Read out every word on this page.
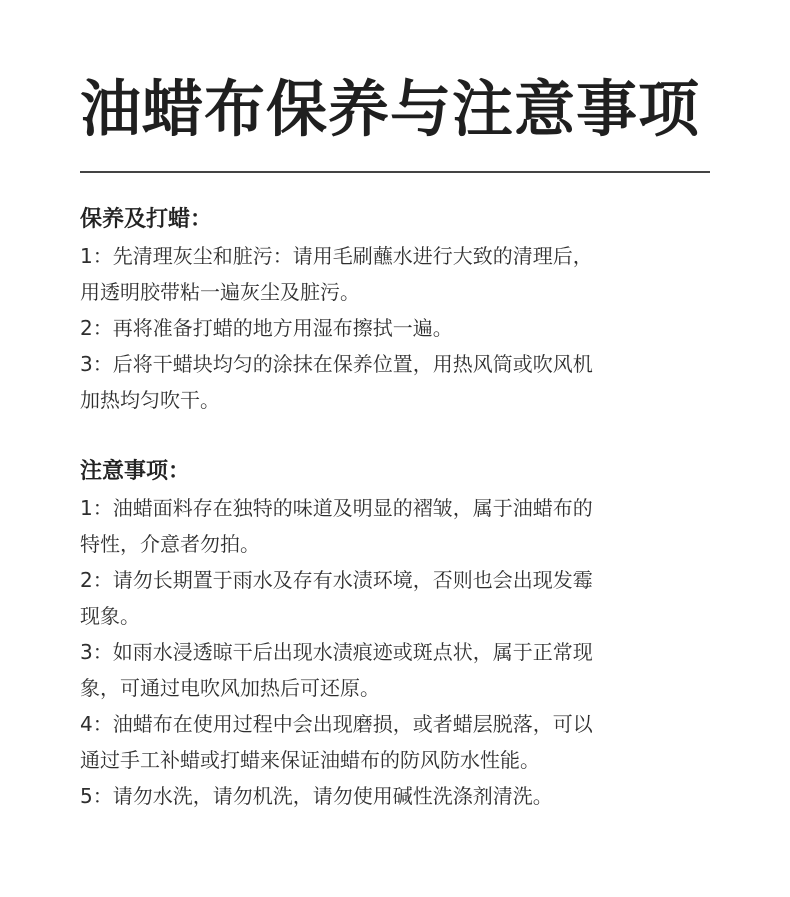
油蜡布保养与注意事项

保养及打蜡：

1：先清理灰尘和脏污：请用毛刷蘸水进行大致的清理后，

用透明胶带粘一遍灰尘及脏污。

2：再将准备打蜡的地方用湿布擦拭一遍。

3：后将干蜡块均匀的涂抹在保养位置，用热风筒或吹风机

加热均匀吹干。

注意事项：

1：油蜡面料存在独特的味道及明显的褶皱，属于油蜡布的

特性，介意者勿拍。

2：请勿长期置于雨水及存有水渍环境，否则也会出现发霉

现象。

3：如雨水浸透晾干后出现水渍痕迹或斑点状，属于正常现

象，可通过电吹风加热后可还原。

4：油蜡布在使用过程中会出现磨损，或者蜡层脱落，可以

通过手工补蜡或打蜡来保证油蜡布的防风防水性能。

5：请勿水洗，请勿机洗，请勿使用碱性洗涤剂清洗。
